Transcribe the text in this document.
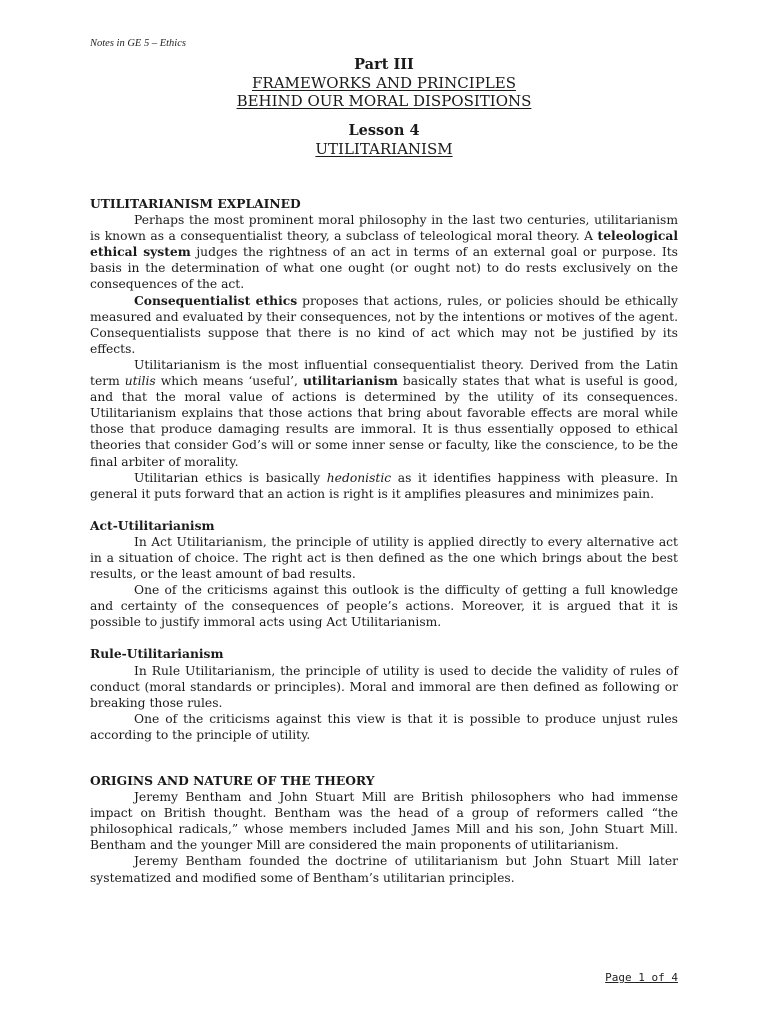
Notes in GE 5 – Ethics
Part III
FRAMEWORKS AND PRINCIPLES
BEHIND OUR MORAL DISPOSITIONS
Lesson 4
UTILITARIANISM
UTILITARIANISM EXPLAINED

Perhaps the most prominent moral philosophy in the last two centuries, utilitarianism is known as a consequentialist theory, a subclass of teleological moral theory. A teleological ethical system judges the rightness of an act in terms of an external goal or purpose. Its basis in the determination of what one ought (or ought not) to do rests exclusively on the consequences of the act.

Consequentialist ethics proposes that actions, rules, or policies should be ethically measured and evaluated by their consequences, not by the intentions or motives of the agent. Consequentialists suppose that there is no kind of act which may not be justified by its effects.

Utilitarianism is the most influential consequentialist theory. Derived from the Latin term utilis which means ‘useful’, utilitarianism basically states that what is useful is good, and that the moral value of actions is determined by the utility of its consequences. Utilitarianism explains that those actions that bring about favorable effects are moral while those that produce damaging results are immoral. It is thus essentially opposed to ethical theories that consider God’s will or some inner sense or faculty, like the conscience, to be the final arbiter of morality.

Utilitarian ethics is basically hedonistic as it identifies happiness with pleasure. In general it puts forward that an action is right is it amplifies pleasures and minimizes pain.

Act-Utilitarianism

In Act Utilitarianism, the principle of utility is applied directly to every alternative act in a situation of choice. The right act is then defined as the one which brings about the best results, or the least amount of bad results.

One of the criticisms against this outlook is the difficulty of getting a full knowledge and certainty of the consequences of people’s actions. Moreover, it is argued that it is possible to justify immoral acts using Act Utilitarianism.

Rule-Utilitarianism

In Rule Utilitarianism, the principle of utility is used to decide the validity of rules of conduct (moral standards or principles). Moral and immoral are then defined as following or breaking those rules.

One of the criticisms against this view is that it is possible to produce unjust rules according to the principle of utility.

ORIGINS AND NATURE OF THE THEORY

Jeremy Bentham and John Stuart Mill are British philosophers who had immense impact on British thought. Bentham was the head of a group of reformers called “the philosophical radicals,” whose members included James Mill and his son, John Stuart Mill. Bentham and the younger Mill are considered the main proponents of utilitarianism.

Jeremy Bentham founded the doctrine of utilitarianism but John Stuart Mill later systematized and modified some of Bentham’s utilitarian principles.

Page 1 of 4
